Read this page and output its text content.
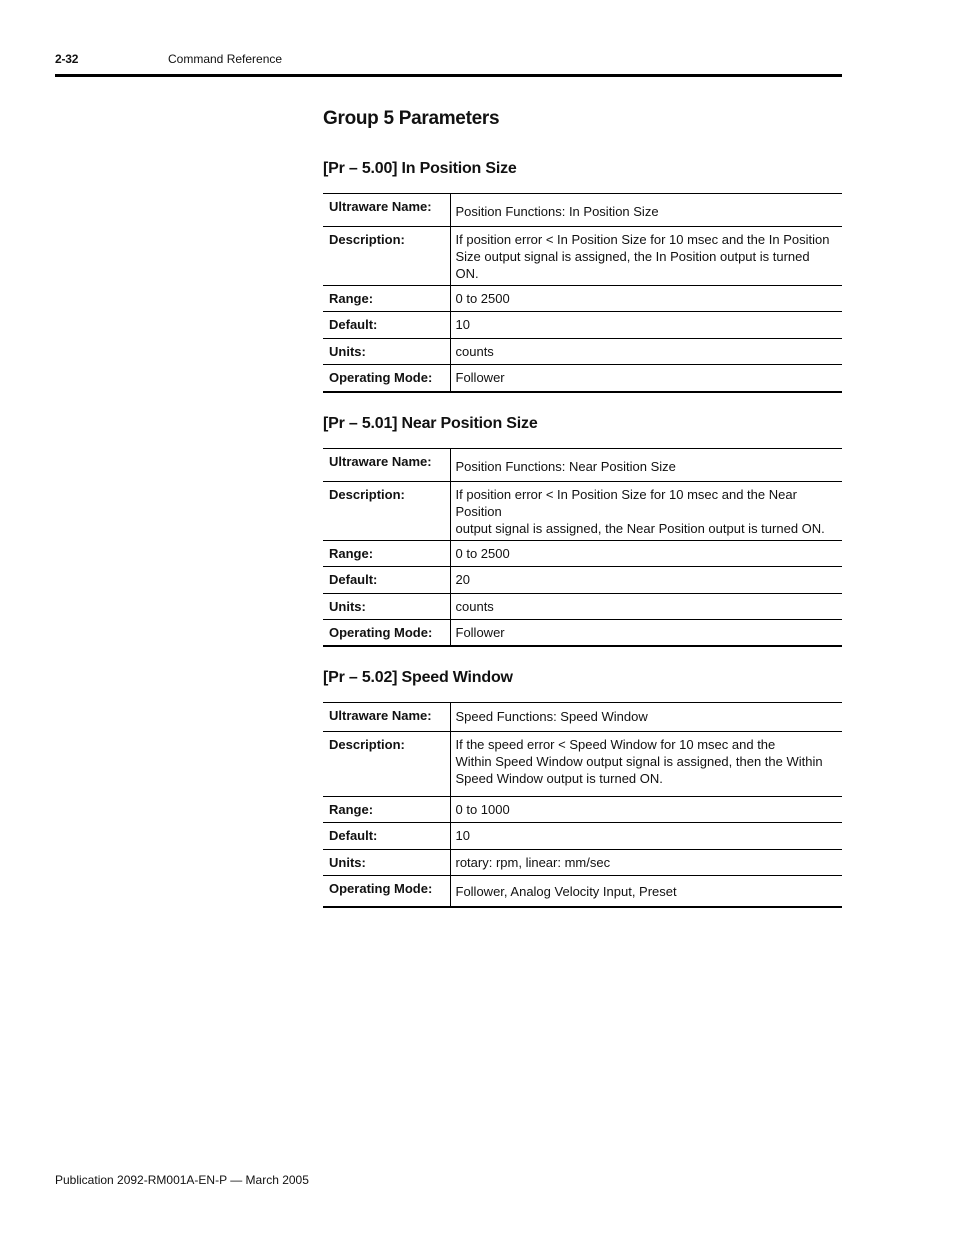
2-32	Command Reference
Group 5 Parameters
[Pr – 5.00] In Position Size
Ultraware Name:	Position Functions: In Position Size
Description:	If position error < In Position Size for 10 msec and the In Position
Size output signal is assigned, the In Position output is turned ON.
Range:	0 to 2500
Default:	10
Units:	counts
Operating Mode:	Follower
[Pr – 5.01] Near Position Size
Ultraware Name:	Position Functions: Near Position Size
Description:	If position error < In Position Size for 10 msec and the Near Position
output signal is assigned, the Near Position output is turned ON.
Range:	0 to 2500
Default:	20
Units:	counts
Operating Mode:	Follower
[Pr – 5.02] Speed Window
Ultraware Name:	Speed Functions: Speed Window
Description:	If the speed error < Speed Window for 10 msec and the
Within Speed Window output signal is assigned, then the Within
Speed Window output is turned ON.
Range:	0 to 1000
Default:	10
Units:	rotary: rpm, linear: mm/sec
Operating Mode:	Follower, Analog Velocity Input, Preset
Publication 2092-RM001A-EN-P — March 2005
